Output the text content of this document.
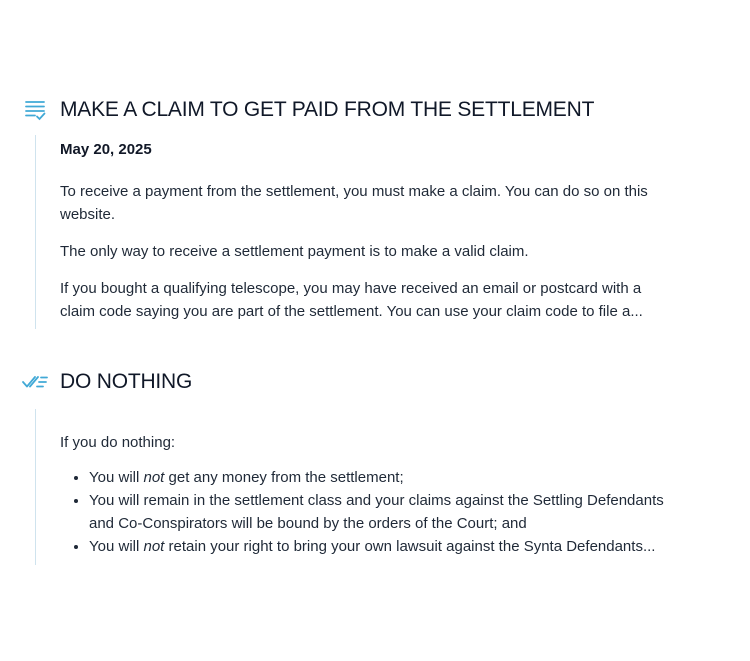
MAKE A CLAIM TO GET PAID FROM THE SETTLEMENT
May 20, 2025

To receive a payment from the settlement, you must make a claim. You can do so on this website.

The only way to receive a settlement payment is to make a valid claim.

If you bought a qualifying telescope, you may have received an email or postcard with a claim code saying you are part of the settlement. You can use your claim code to file a...

DO NOTHING

If you do nothing:

• You will not get any money from the settlement;
• You will remain in the settlement class and your claims against the Settling Defendants and Co-Conspirators will be bound by the orders of the Court; and
• You will not retain your right to bring your own lawsuit against the Synta Defendants...
